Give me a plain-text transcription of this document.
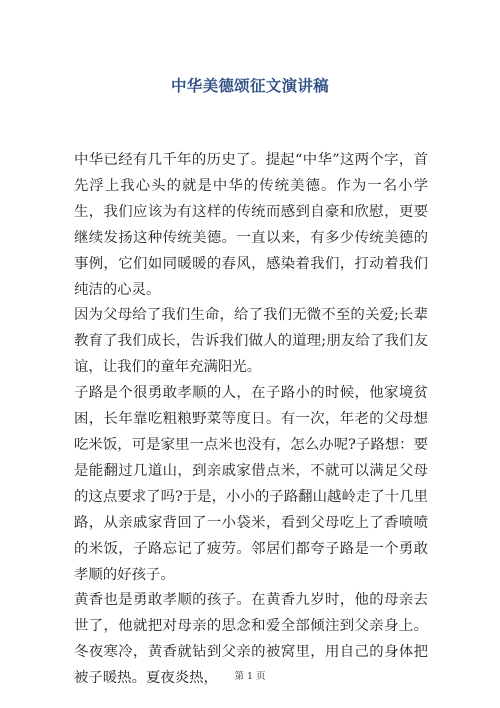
中华美德颂征文演讲稿

中华已经有几千年的历史了。提起“中华”这两个字，首先浮上我心头的就是中华的传统美德。作为一名小学生，我们应该为有这样的传统而感到自豪和欣慰，更要继续发扬这种传统美德。一直以来，有多少传统美德的事例，它们如同暖暖的春风，感染着我们，打动着我们纯洁的心灵。

因为父母给了我们生命，给了我们无微不至的关爱;长辈教育了我们成长，告诉我们做人的道理;朋友给了我们友谊，让我们的童年充满阳光。

子路是个很勇敢孝顺的人，在子路小的时候，他家境贫困，长年靠吃粗粮野菜等度日。有一次，年老的父母想吃米饭，可是家里一点米也没有，怎么办呢?子路想：要是能翻过几道山，到亲戚家借点米，不就可以满足父母的这点要求了吗?于是，小小的子路翻山越岭走了十几里路，从亲戚家背回了一小袋米，看到父母吃上了香喷喷的米饭，子路忘记了疲劳。邻居们都夸子路是一个勇敢孝顺的好孩子。

黄香也是勇敢孝顺的孩子。在黄香九岁时，他的母亲去世了，他就把对母亲的思念和爱全部倾注到父亲身上。冬夜寒冷，黄香就钻到父亲的被窝里，用自己的身体把被子暖热。夏夜炎热，	第 1 页
